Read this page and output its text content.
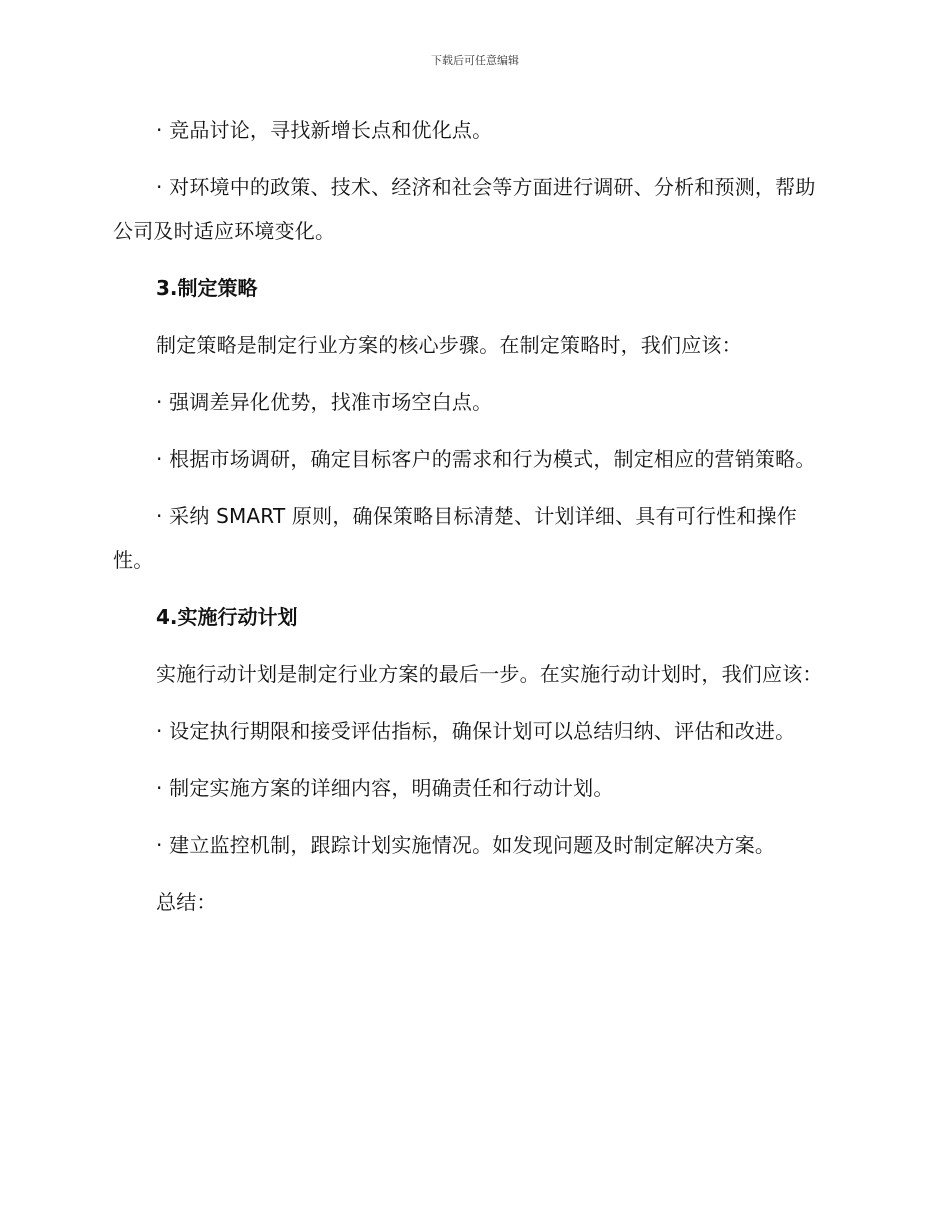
下载后可任意编辑

· 竞品讨论，寻找新增长点和优化点。

· 对环境中的政策、技术、经济和社会等方面进行调研、分析和预测，帮助公司及时适应环境变化。

3.制定策略

制定策略是制定行业方案的核心步骤。在制定策略时，我们应该：

· 强调差异化优势，找准市场空白点。

· 根据市场调研，确定目标客户的需求和行为模式，制定相应的营销策略。

· 采纳 SMART 原则，确保策略目标清楚、计划详细、具有可行性和操作性。

4.实施行动计划

实施行动计划是制定行业方案的最后一步。在实施行动计划时，我们应该：

· 设定执行期限和接受评估指标，确保计划可以总结归纳、评估和改进。

· 制定实施方案的详细内容，明确责任和行动计划。

· 建立监控机制，跟踪计划实施情况。如发现问题及时制定解决方案。

总结：
